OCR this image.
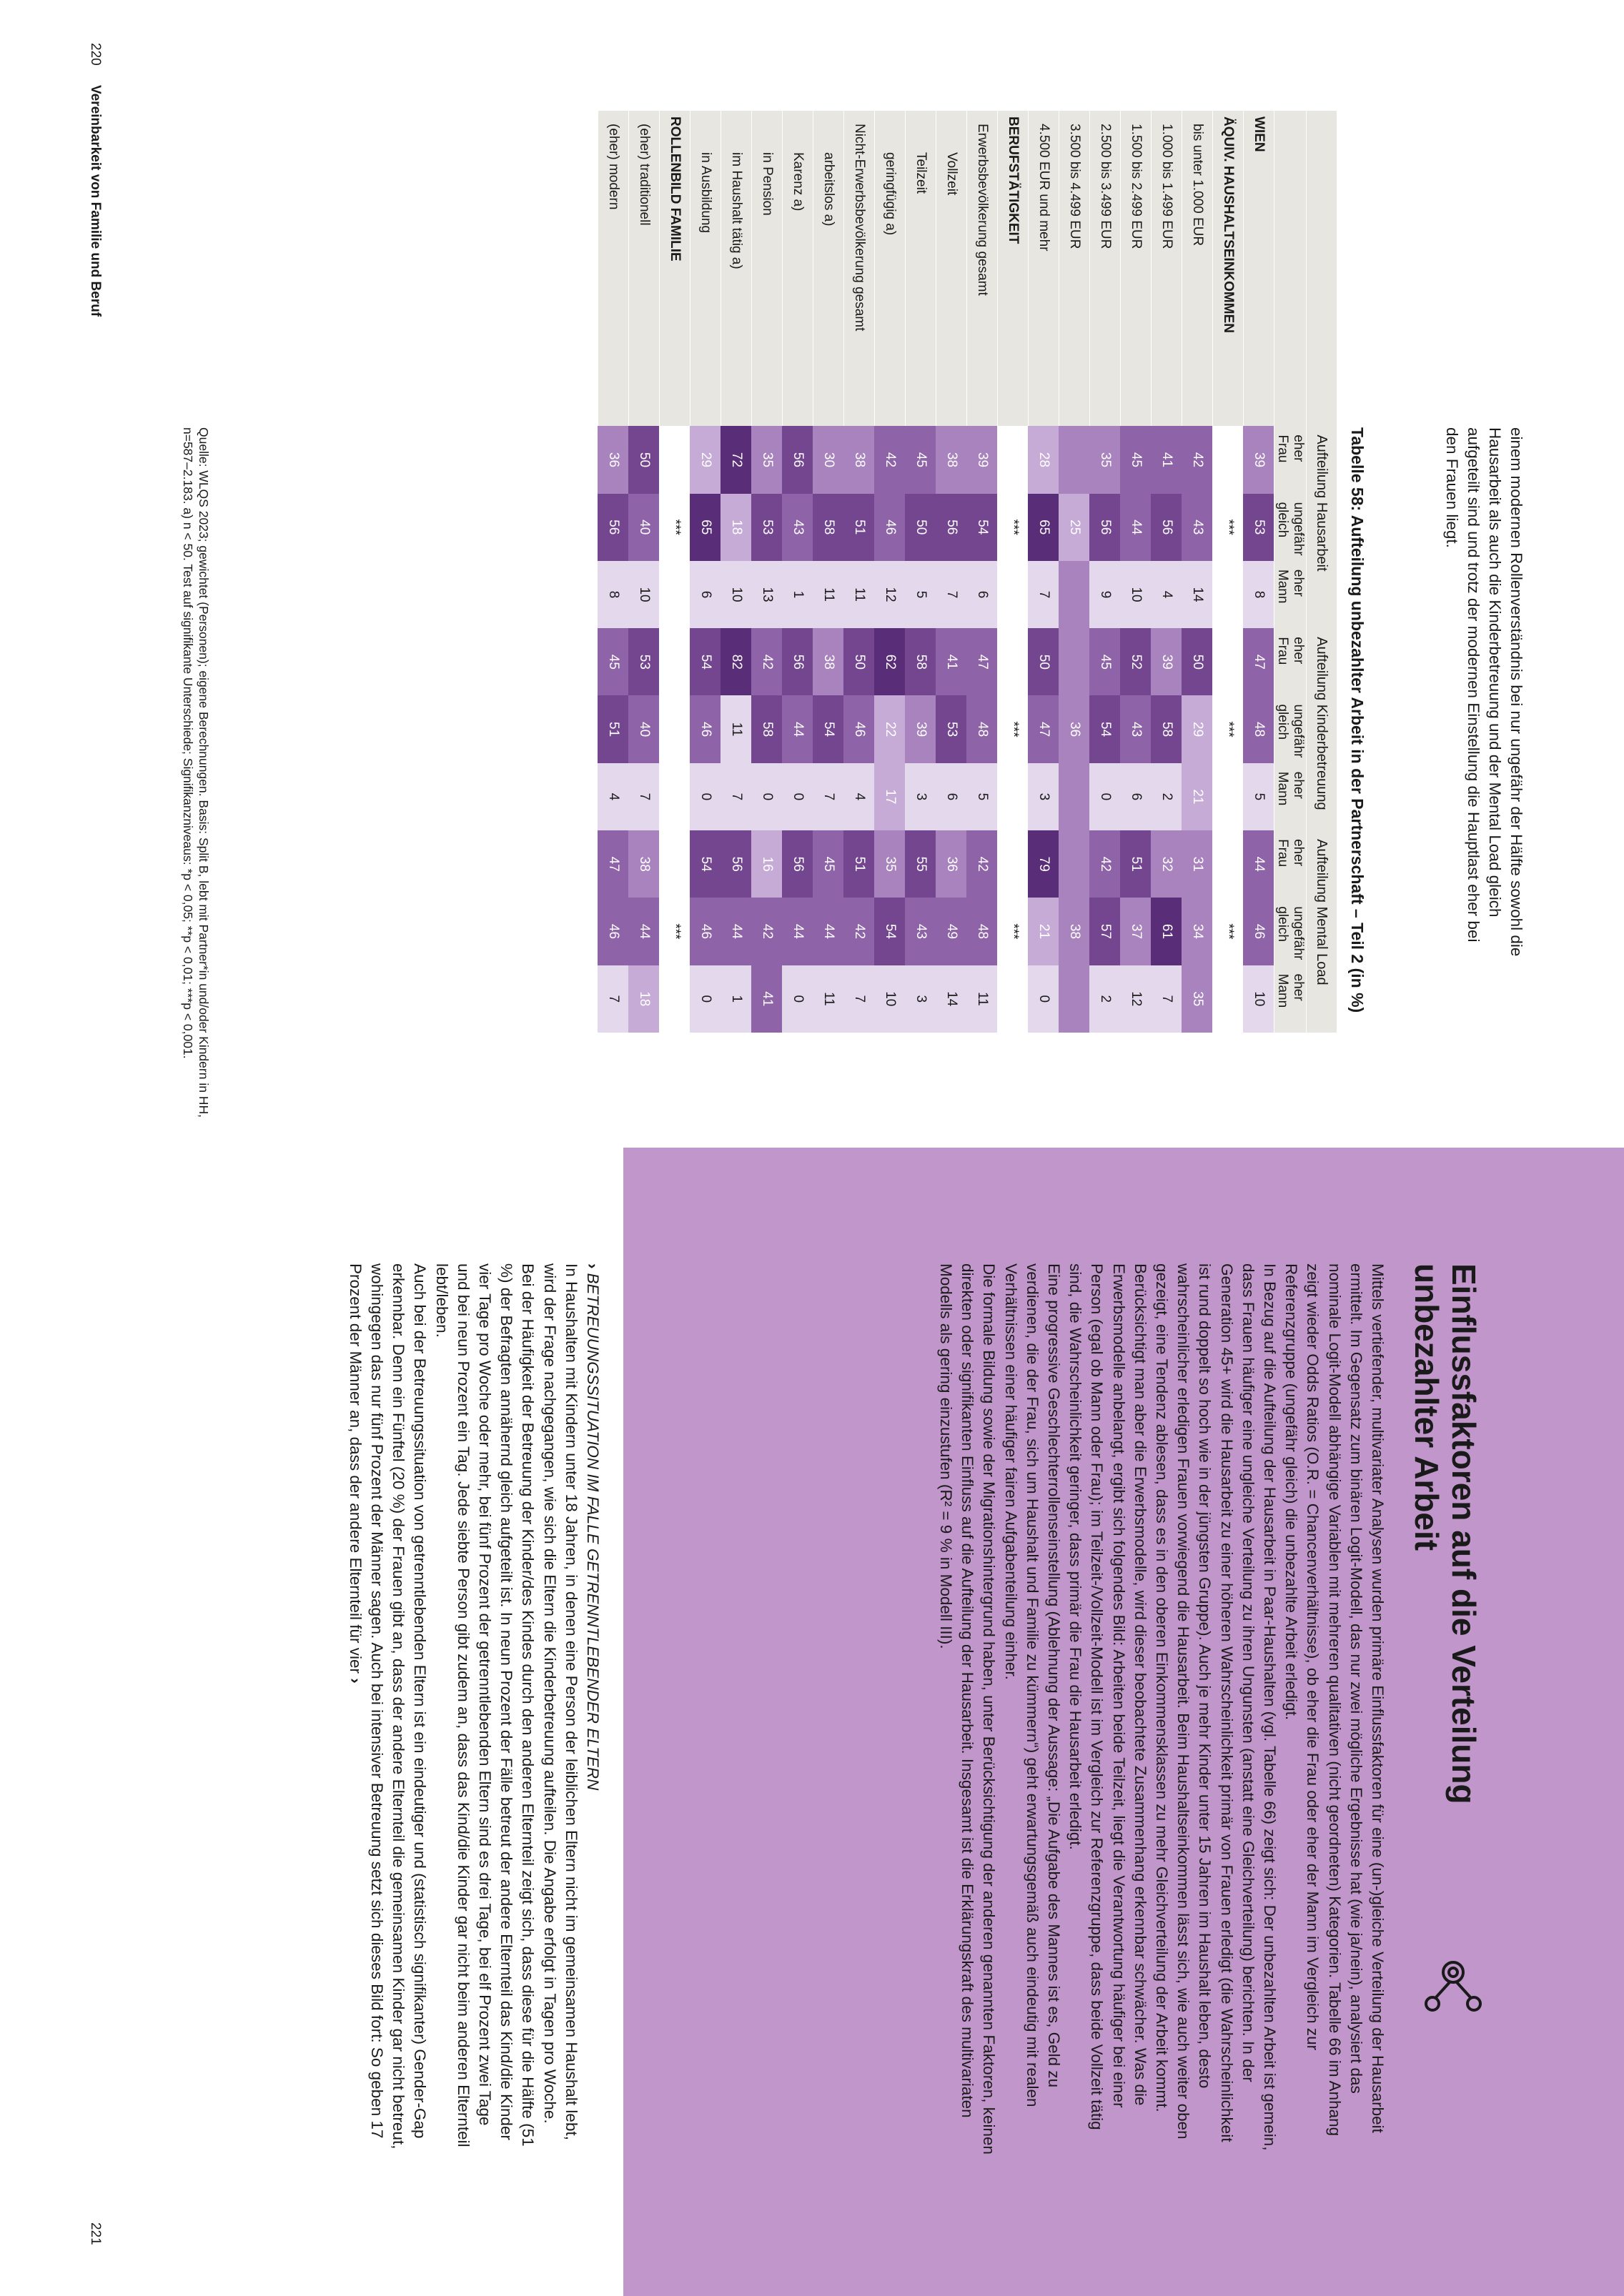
220 Vereinbarkeit von Familie und Beruf
221
einem modernen Rollenverständnis bei nur ungefähr der Hälfte sowohl die Hausarbeit als auch die Kinderbetreuung und der Mental Load gleich aufgeteilt sind und trotz der modernen Einstellung die Hauptlast eher bei den Frauen liegt.
Tabelle 58: Aufteilung unbezahlter Arbeit in der Partnerschaft – Teil 2 (in %)
	Aufteilung Hausarbeit			Aufteilung Kinderbetreuung			Aufteilung Mental Load		
	eher Frau	ungefähr gleich	eher Mann	eher Frau	ungefähr gleich	eher Mann	eher Frau	ungefähr gleich	eher Mann
WIEN	39	53	8	47	48	5	44	46	10
ÄQUIV. HAUSHALTSEINKOMMEN		***			***			***	
bis unter 1.000 EUR	42	43	14	50	29	21	31	34	35
1.000 bis 1.499 EUR	41	56	4	39	58	2	32	61	7
1.500 bis 2.499 EUR	45	44	10	52	43	6	51	37	12
2.500 bis 3.499 EUR	35	56	9	45	54	0	42	57	2
3.500 bis 4.499 EUR		25			36			38	
4.500 EUR und mehr	28	65	7	50	47	3	79	21	0
BERUFSTÄTIGKEIT		***			***			***	
Erwerbsbevölkerung gesamt	39	54	6	47	48	5	42	48	11
Vollzeit	38	56	7	41	53	6	36	49	14
Teilzeit	45	50	5	58	39	3	55	43	3
geringfügig a)	42	46	12	62	22	17	35	54	10
Nicht-Erwerbsbevölkerung gesamt	38	51	11	50	46	4	51	42	7
arbeitslos a)	30	58	11	38	54	7	45	44	11
Karenz a)	56	43	1	56	44	0	56	44	0
in Pension	35	53	13	42	58	0	16	42	41
im Haushalt tätig a)	72	18	10	82	11	7	56	44	1
in Ausbildung	29	65	6	54	46	0	54	46	0
ROLLENBILD FAMILIE		***						***	
(eher) traditionell	50	40	10	53	40	7	38	44	18
(eher) modern	36	56	8	45	51	4	47	46	7
Quelle: WLQS 2023; gewichtet (Personen); eigene Berechnungen. Basis: Split B, lebt mit Partner*in und/oder Kindern in HH, n=587–2.183. a) n < 50. Test auf signifikante Unterschiede; Signifikanzniveaus: *p < 0,05; **p < 0,01; ***p < 0,001.
Einflussfaktoren auf die Verteilung unbezahlter Arbeit

Mittels vertiefender, multivariater Analysen wurden primäre Einflussfaktoren für eine (un-)gleiche Verteilung der Hausarbeit ermittelt. Im Gegensatz zum binären Logit-Modell, das nur zwei mögliche Ergebnisse hat (wie ja/nein), analysiert das nominale Logit-Modell abhängige Variablen mit mehreren qualitativen (nicht geordneten) Kategorien. Tabelle 66 im Anhang zeigt wieder Odds Ratios (O.R. = Chancenverhältnisse), ob eher die Frau oder eher der Mann im Vergleich zur Referenzgruppe (ungefähr gleich) die unbezahlte Arbeit erledigt.

In Bezug auf die Aufteilung der Hausarbeit in Paar-Haushalten (vgl. Tabelle 66) zeigt sich: Der unbezahlten Arbeit ist gemein, dass Frauen häufiger eine ungleiche Verteilung zu ihren Ungunsten (anstatt eine Gleichverteilung) berichten. In der Generation 45+ wird die Hausarbeit zu einer höheren Wahrscheinlichkeit primär von Frauen erledigt (die Wahrscheinlichkeit ist rund doppelt so hoch wie in der jüngsten Gruppe). Auch je mehr Kinder unter 15 Jahren im Haushalt leben, desto wahrscheinlicher erledigen Frauen vorwiegend die Hausarbeit. Beim Haushaltseinkommen lässt sich, wie auch weiter oben gezeigt, eine Tendenz ablesen, dass es in den oberen Einkommensklassen zu mehr Gleichverteilung der Arbeit kommt. Berücksichtigt man aber die Erwerbsmodelle, wird dieser beobachtete Zusammenhang erkennbar schwächer. Was die Erwerbsmodelle anbelangt, ergibt sich folgendes Bild: Arbeiten beide Teilzeit, liegt die Verantwortung häufiger bei einer Person (egal ob Mann oder Frau); im Teilzeit-/Vollzeit-Modell ist im Vergleich zur Referenzgruppe, dass beide Vollzeit tätig sind, die Wahrscheinlichkeit geringer, dass primär die Frau die Hausarbeit erledigt.

Eine progressive Geschlechterrollenseinstellung (Ablehnung der Aussage: „Die Aufgabe des Mannes ist es, Geld zu verdienen, die der Frau, sich um Haushalt und Familie zu kümmern“) geht erwartungsgemäß auch eindeutig mit realen Verhältnissen einer häufiger fairen Aufgabenteilung einher.

Die formale Bildung sowie der Migrationshintergrund haben, unter Berücksichtigung der anderen genannten Faktoren, keinen direkten oder signifikanten Einfluss auf die Aufteilung der Hausarbeit. Insgesamt ist die Erklärungskraft des multivariaten Modells als gering einzustufen (R² = 9 % in Modell III).

›BETREUUNGSSITUATION IM FALLE GETRENNTLEBENDER ELTERN

In Haushalten mit Kindern unter 18 Jahren, in denen eine Person der leiblichen Eltern nicht im gemeinsamen Haushalt lebt, wird der Frage nachgegangen, wie sich die Eltern die Kinderbetreuung aufteilen. Die Angabe erfolgt in Tagen pro Woche.

Bei der Häufigkeit der Betreuung der Kinder/des Kindes durch den anderen Elternteil zeigt sich, dass diese für die Hälfte (51 %) der Befragten annähernd gleich aufgeteilt ist. In neun Prozent der Fälle betreut der andere Elternteil das Kind/die Kinder vier Tage pro Woche oder mehr, bei fünf Prozent der getrenntlebenden Eltern sind es drei Tage, bei elf Prozent zwei Tage und bei neun Prozent ein Tag. Jede siebte Person gibt zudem an, dass das Kind/die Kinder gar nicht beim anderen Elternteil lebt/leben.

Auch bei der Betreuungssituation von getrenntlebenden Eltern ist ein eindeutiger und (statistisch signifikanter) Gender-Gap erkennbar. Denn ein Fünftel (20 %) der Frauen gibt an, dass der andere Elternteil die gemeinsamen Kinder gar nicht betreut, wohingegen das nur fünf Prozent der Männer sagen. Auch bei intensiver Betreuung setzt sich dieses Bild fort: So geben 17 Prozent der Männer an, dass der andere Elternteil für vier ›
